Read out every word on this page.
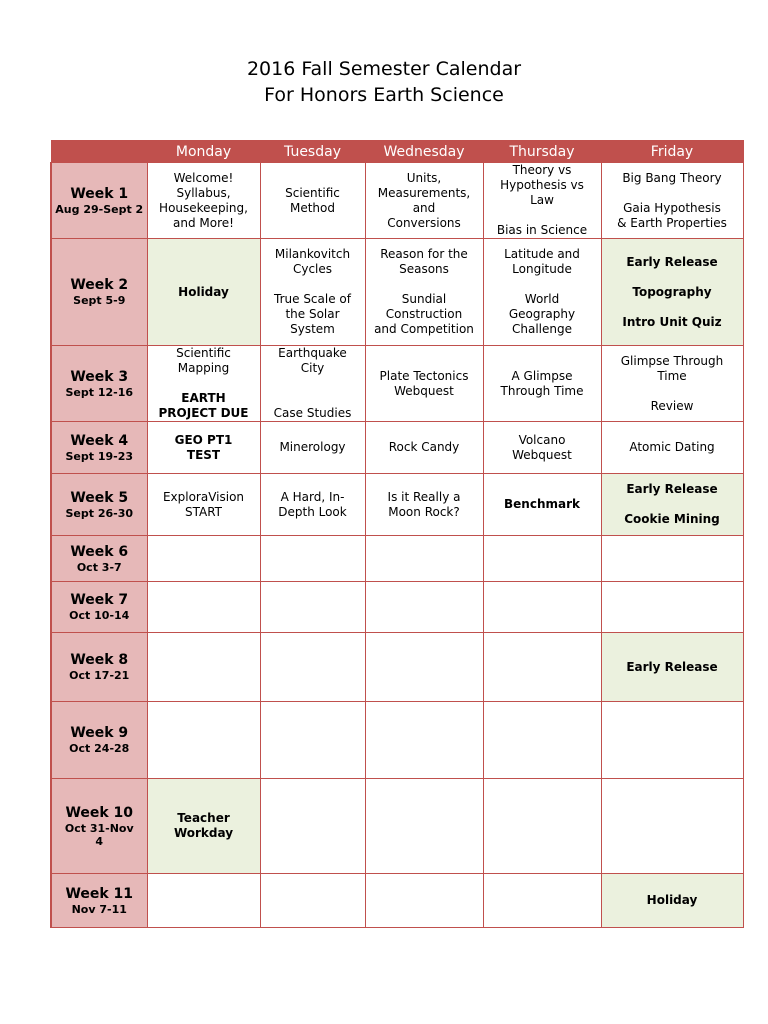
2016 Fall Semester Calendar
For Honors Earth Science
	Monday	Tuesday	Wednesday	Thursday	Friday

Week 1
Aug 29-Sept 2	Welcome!
Syllabus,
Housekeeping,
and More!	Scientific
Method	Units,
Measurements,
and
Conversions	Theory vs
Hypothesis vs
Law

Bias in Science	Big Bang Theory

Gaia Hypothesis
& Earth Properties

Week 2
Sept 5-9	Holiday	Milankovitch
Cycles

True Scale of
the Solar
System	Reason for the
Seasons

Sundial
Construction
and Competition	Latitude and
Longitude

World
Geography
Challenge	Early Release

Topography

Intro Unit Quiz

Week 3
Sept 12-16	Scientific
Mapping

EARTH
PROJECT DUE	Earthquake
City

Case Studies	Plate Tectonics
Webquest	A Glimpse
Through Time	Glimpse Through
Time

Review

Week 4
Sept 19-23	GEO PT1
TEST	Minerology	Rock Candy	Volcano
Webquest	Atomic Dating

Week 5
Sept 26-30	ExploraVision
START	A Hard, In-
Depth Look	Is it Really a
Moon Rock?	Benchmark	Early Release

Cookie Mining

Week 6
Oct 3-7					

Week 7
Oct 10-14					

Week 8
Oct 17-21					Early Release

Week 9
Oct 24-28					

Week 10
Oct 31-Nov
4	Teacher
Workday				

Week 11
Nov 7-11					Holiday
